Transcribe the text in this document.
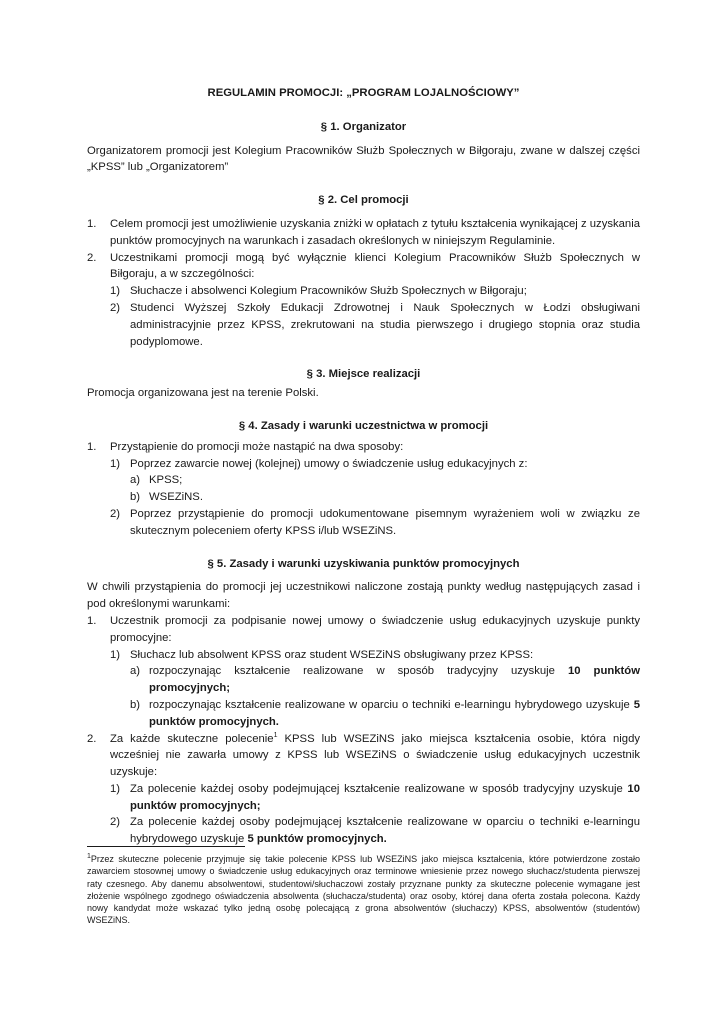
REGULAMIN PROMOCJI: „PROGRAM LOJALNOŚCIOWY”
§ 1. Organizator
Organizatorem promocji jest Kolegium Pracowników Służb Społecznych w Biłgoraju, zwane w dalszej części „KPSS” lub „Organizatorem”
§ 2. Cel promocji
1.	Celem promocji jest umożliwienie uzyskania zniżki w opłatach z tytułu kształcenia wynikającej z uzyskania punktów promocyjnych na warunkach i zasadach określonych w niniejszym Regulaminie.
2.	Uczestnikami promocji mogą być wyłącznie klienci Kolegium Pracowników Służb Społecznych w Biłgoraju, a w szczególności:
1) Słuchacze i absolwenci Kolegium Pracowników Służb Społecznych w Biłgoraju;
2) Studenci Wyższej Szkoły Edukacji Zdrowotnej i Nauk Społecznych w Łodzi obsługiwani administracyjnie przez KPSS, zrekrutowani na studia pierwszego i drugiego stopnia oraz studia podyplomowe.
§ 3. Miejsce realizacji
Promocja organizowana jest na terenie Polski.
§ 4. Zasady i warunki uczestnictwa w promocji
1.	Przystąpienie do promocji może nastąpić na dwa sposoby:
1) Poprzez zawarcie nowej (kolejnej) umowy o świadczenie usług edukacyjnych z:
a) KPSS;
b) WSEZiNS.
2) Poprzez przystąpienie do promocji udokumentowane pisemnym wyrażeniem woli w związku ze skutecznym poleceniem oferty KPSS i/lub WSEZiNS.
§ 5. Zasady i warunki uzyskiwania punktów promocyjnych
W chwili przystąpienia do promocji jej uczestnikowi naliczone zostają punkty według następujących zasad i pod określonymi warunkami:
1.	Uczestnik promocji za podpisanie nowej umowy o świadczenie usług edukacyjnych uzyskuje punkty promocyjne:
1) Słuchacz lub absolwent KPSS oraz student WSEZiNS obsługiwany przez KPSS:
a) rozpoczynając kształcenie realizowane w sposób tradycyjny uzyskuje 10 punktów promocyjnych;
b) rozpoczynając kształcenie realizowane w oparciu o techniki e-learningu hybrydowego uzyskuje 5 punktów promocyjnych.
2.	Za każde skuteczne polecenie$^1$ KPSS lub WSEZiNS jako miejsca kształcenia osobie, która nigdy wcześniej nie zawarła umowy z KPSS lub WSEZiNS o świadczenie usług edukacyjnych uczestnik uzyskuje:
1) Za polecenie każdej osoby podejmującej kształcenie realizowane w sposób tradycyjny uzyskuje 10 punktów promocyjnych;
2) Za polecenie każdej osoby podejmującej kształcenie realizowane w oparciu o techniki e-learningu hybrydowego uzyskuje 5 punktów promocyjnych.
$^1$Przez skuteczne polecenie przyjmuje się takie polecenie KPSS lub WSEZiNS jako miejsca kształcenia, które potwierdzone zostało zawarciem stosownej umowy o świadczenie usług edukacyjnych oraz terminowe wniesienie przez nowego słuchacz/studenta pierwszej raty czesnego. Aby danemu absolwentowi, studentowi/słuchaczowi zostały przyznane punkty za skuteczne polecenie wymagane jest złożenie wspólnego zgodnego oświadczenia absolwenta (słuchacza/studenta) oraz osoby, której dana oferta została polecona. Każdy nowy kandydat może wskazać tylko jedną osobę polecającą z grona absolwentów (słuchaczy) KPSS, absolwentów (studentów) WSEZiNS.
